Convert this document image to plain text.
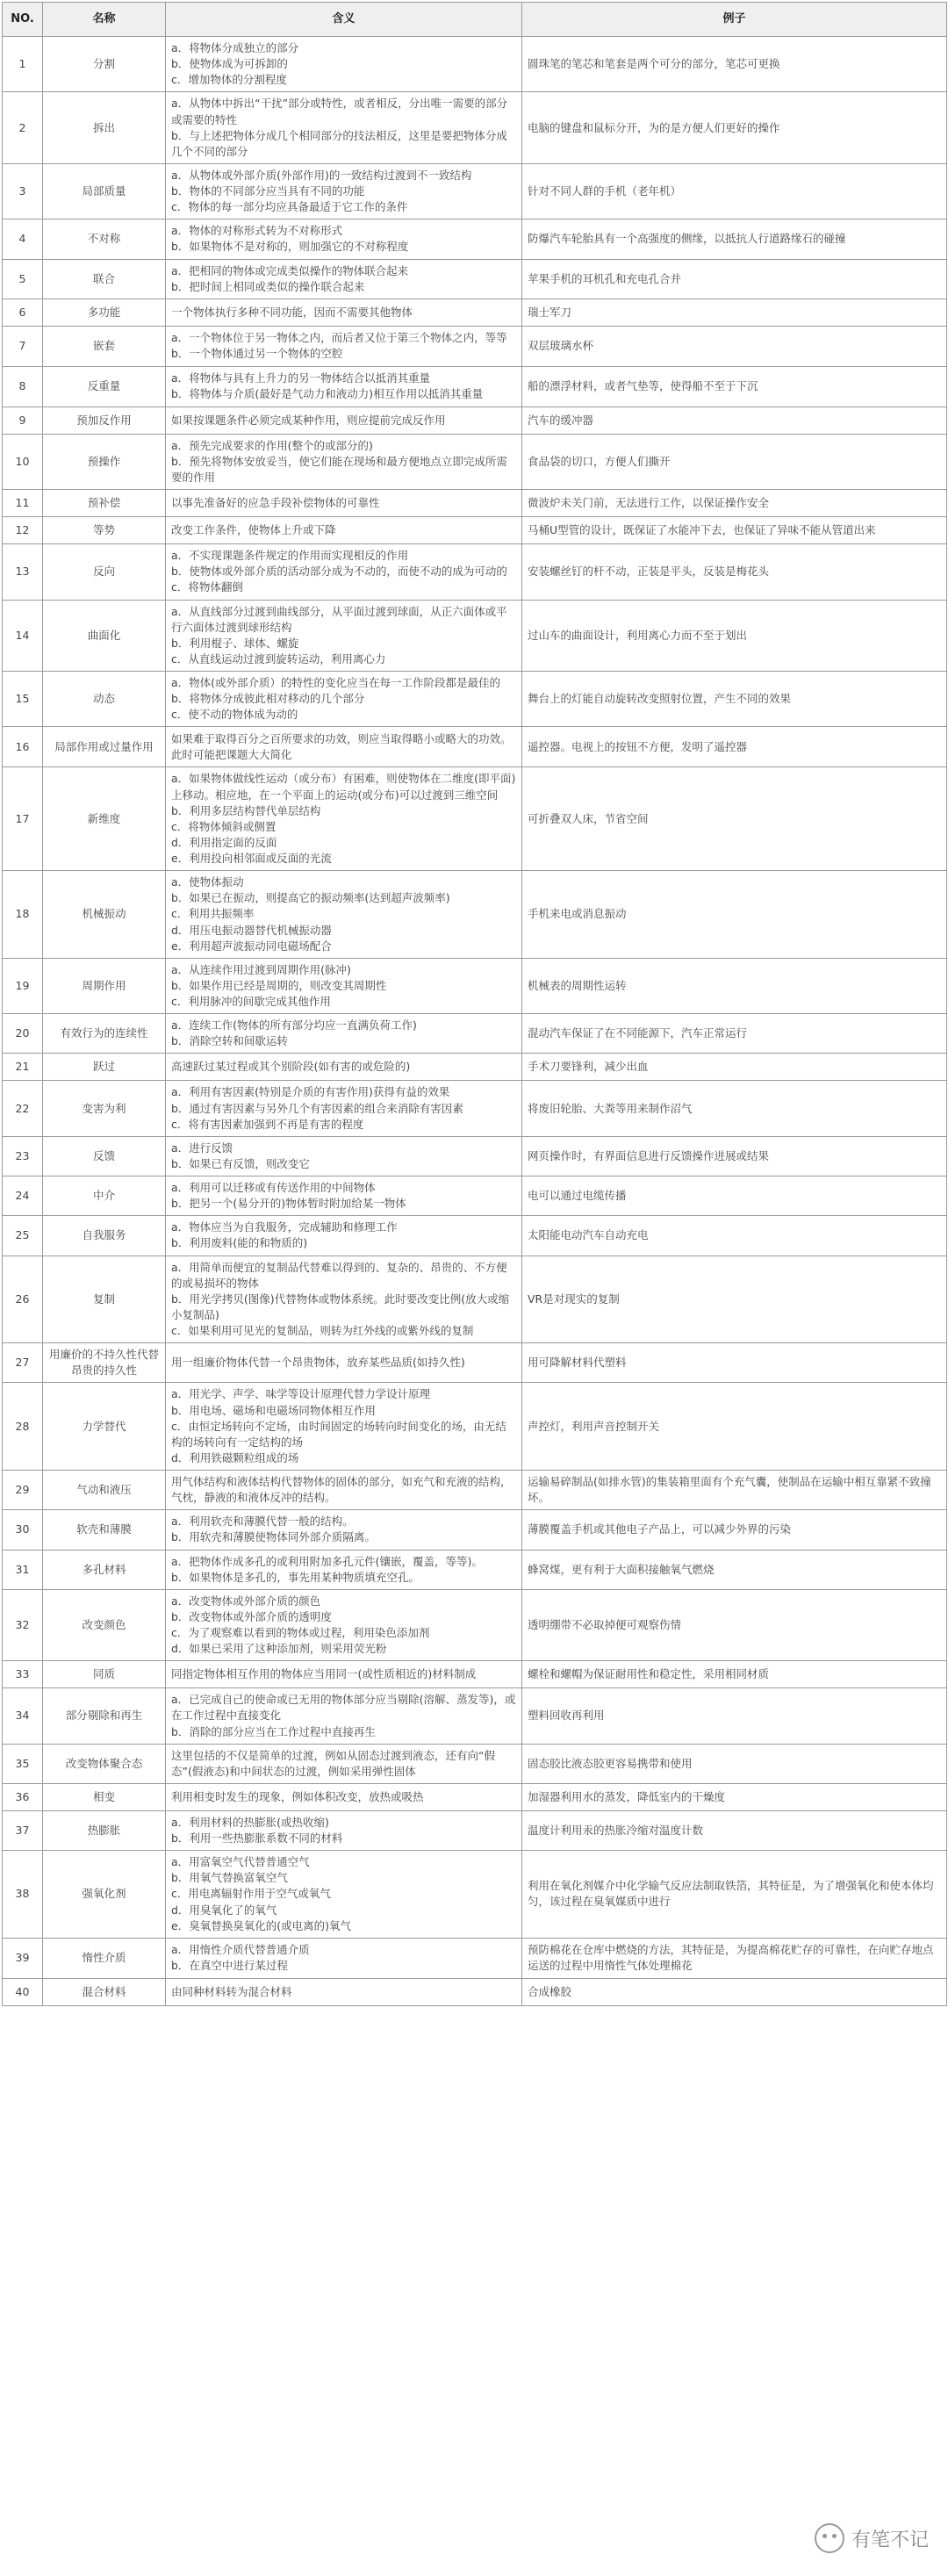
NO.	名称	含义	例子
1	分割	a．将物体分成独立的部分
b．使物体成为可拆卸的
c．增加物体的分割程度	圆珠笔的笔芯和笔套是两个可分的部分，笔芯可更换
2	拆出	a．从物体中拆出“干扰”部分或特性，或者相反，分出唯一需要的部分或需要的特性
b．与上述把物体分成几个相同部分的技法相反，这里是要把物体分成几个不同的部分	电脑的键盘和鼠标分开，为的是方便人们更好的操作
3	局部质量	a．从物体或外部介质(外部作用)的一致结构过渡到不一致结构
b．物体的不同部分应当具有不同的功能
c．物体的每一部分均应具备最适于它工作的条件	针对不同人群的手机（老年机）
4	不对称	a．物体的对称形式转为不对称形式
b．如果物体不是对称的，则加强它的不对称程度	防爆汽车轮胎具有一个高强度的侧缘，以抵抗人行道路缘石的碰撞
5	联合	a．把相同的物体或完成类似操作的物体联合起来
b．把时间上相同或类似的操作联合起来	苹果手机的耳机孔和充电孔合并
6	多功能	一个物体执行多种不同功能，因而不需要其他物体	瑞士军刀
7	嵌套	a．一个物体位于另一物体之内，而后者又位于第三个物体之内，等等
b．一个物体通过另一个物体的空腔	双层玻璃水杯
8	反重量	a．将物体与具有上升力的另一物体结合以抵消其重量
b．将物体与介质(最好是气动力和液动力)相互作用以抵消其重量	船的漂浮材料，或者气垫等，使得船不至于下沉
9	预加反作用	如果按课题条件必须完成某种作用，则应提前完成反作用	汽车的缓冲器
10	预操作	a．预先完成要求的作用(整个的或部分的)
b．预先将物体安放妥当，使它们能在现场和最方便地点立即完成所需要的作用	食品袋的切口，方便人们撕开
11	预补偿	以事先准备好的应急手段补偿物体的可靠性	微波炉未关门前，无法进行工作，以保证操作安全
12	等势	改变工作条件，使物体上升或下降	马桶U型管的设计，既保证了水能冲下去，也保证了异味不能从管道出来
13	反向	a．不实现课题条件规定的作用而实现相反的作用
b．使物体或外部介质的活动部分成为不动的，而使不动的成为可动的
c．将物体翻倒	安装螺丝钉的杆不动，正装是平头，反装是梅花头
14	曲面化	a．从直线部分过渡到曲线部分，从平面过渡到球面，从正六面体或平行六面体过渡到球形结构
b．利用棍子、球体、螺旋
c．从直线运动过渡到旋转运动，利用离心力	过山车的曲面设计，利用离心力而不至于划出
15	动态	a．物体(或外部介质）的特性的变化应当在每一工作阶段都是最佳的
b．将物体分成彼此相对移动的几个部分
c．使不动的物体成为动的	舞台上的灯能自动旋转改变照射位置，产生不同的效果
16	局部作用或过量作用	如果难于取得百分之百所要求的功效，则应当取得略小或略大的功效。此时可能把课题大大简化	遥控器。电视上的按钮不方便，发明了遥控器
17	新维度	a．如果物体做线性运动（或分布）有困难，则使物体在二维度(即平面)上移动。相应地，在一个平面上的运动(或分布)可以过渡到三维空间
b．利用多层结构替代单层结构
c．将物体倾斜或侧置
d．利用指定面的反面
e．利用投向相邻面或反面的光流	可折叠双人床，节省空间
18	机械振动	a．使物体振动
b．如果已在振动，则提高它的振动频率(达到超声波频率)
c．利用共振频率
d．用压电振动器替代机械振动器
e．利用超声波振动同电磁场配合	手机来电或消息振动
19	周期作用	a．从连续作用过渡到周期作用(脉冲)
b．如果作用已经是周期的，则改变其周期性
c．利用脉冲的间歇完成其他作用	机械表的周期性运转
20	有效行为的连续性	a．连续工作(物体的所有部分均应一直满负荷工作)
b．消除空转和间歇运转	混动汽车保证了在不同能源下，汽车正常运行
21	跃过	高速跃过某过程或其个别阶段(如有害的或危险的)	手术刀要锋利，减少出血
22	变害为利	a．利用有害因素(特别是介质的有害作用)获得有益的效果
b．通过有害因素与另外几个有害因素的组合来消除有害因素
c．将有害因素加强到不再是有害的程度	将废旧轮胎、大粪等用来制作沼气
23	反馈	a．进行反馈
b．如果已有反馈，则改变它	网页操作时，有界面信息进行反馈操作进展或结果
24	中介	a．利用可以迁移或有传送作用的中间物体
b．把另一个(易分开的)物体暂时附加给某一物体	电可以通过电缆传播
25	自我服务	a．物体应当为自我服务，完成辅助和修理工作
b．利用废料(能的和物质的)	太阳能电动汽车自动充电
26	复制	a．用简单而便宜的复制品代替难以得到的、复杂的、昂贵的、不方便的或易损坏的物体
b．用光学拷贝(图像)代替物体或物体系统。此时要改变比例(放大或缩小复制品)
c．如果利用可见光的复制品，则转为红外线的或紫外线的复制	VR是对现实的复制
27	用廉价的不持久性代替昂贵的持久性	用一组廉价物体代替一个昂贵物体，放弃某些品质(如持久性)	用可降解材料代塑料
28	力学替代	a．用光学、声学、味学等设计原理代替力学设计原理
b．用电场、磁场和电磁场同物体相互作用
c．由恒定场转向不定场，由时间固定的场转向时间变化的场，由无结构的场转向有一定结构的场
d．利用铁磁颗粒组成的场	声控灯，利用声音控制开关
29	气动和液压	用气体结构和液体结构代替物体的固体的部分，如充气和充液的结构，气枕，静液的和液体反冲的结构。	运输易碎制品(如排水管)的集装箱里面有个充气囊，使制品在运输中相互靠紧不致撞坏。
30	软壳和薄膜	a．利用软壳和薄膜代替一般的结构。
b．用软壳和薄膜使物体同外部介质隔离。	薄膜覆盖手机或其他电子产品上，可以减少外界的污染
31	多孔材料	a．把物体作成多孔的或利用附加多孔元件(镶嵌，覆盖，等等)。
b．如果物体是多孔的，事先用某种物质填充空孔。	蜂窝煤，更有利于大面积接触氧气燃烧
32	改变颜色	a．改变物体或外部介质的颜色
b．改变物体或外部介质的透明度
c．为了观察难以看到的物体或过程，利用染色添加剂
d．如果已采用了这种添加剂，则采用荧光粉	透明绷带不必取掉便可观察伤情
33	同质	同指定物体相互作用的物体应当用同一(或性质相近的)材料制成	螺栓和螺帽为保证耐用性和稳定性，采用相同材质
34	部分剔除和再生	a．已完成自己的使命或已无用的物体部分应当剔除(溶解、蒸发等)，或在工作过程中直接变化
b．消除的部分应当在工作过程中直接再生	塑料回收再利用
35	改变物体聚合态	这里包括的不仅是简单的过渡，例如从固态过渡到液态，还有向“假态”(假液态)和中间状态的过渡，例如采用弹性固体	固态胶比液态胶更容易携带和使用
36	相变	利用相变时发生的现象，例如体积改变，放热或吸热	加湿器利用水的蒸发，降低室内的干燥度
37	热膨胀	a．利用材料的热膨胀(或热收缩)
b．利用一些热膨胀系数不同的材料	温度计利用汞的热胀冷缩对温度计数
38	强氧化剂	a．用富氧空气代替普通空气
b．用氧气替换富氧空气
c．用电离辐射作用于空气或氧气
d．用臭氧化了的氧气
e．臭氧替换臭氧化的(或电离的)氧气	利用在氧化剂媒介中化学输气反应法制取铁箔，其特征是，为了增强氧化和使本体均匀，该过程在臭氧媒质中进行
39	惰性介质	a．用惰性介质代替普通介质
b．在真空中进行某过程	预防棉花在仓库中燃烧的方法，其特征是，为提高棉花贮存的可靠性，在向贮存地点运送的过程中用惰性气体处理棉花
40	混合材料	由同种材料转为混合材料	合成橡胶
有笔不记
